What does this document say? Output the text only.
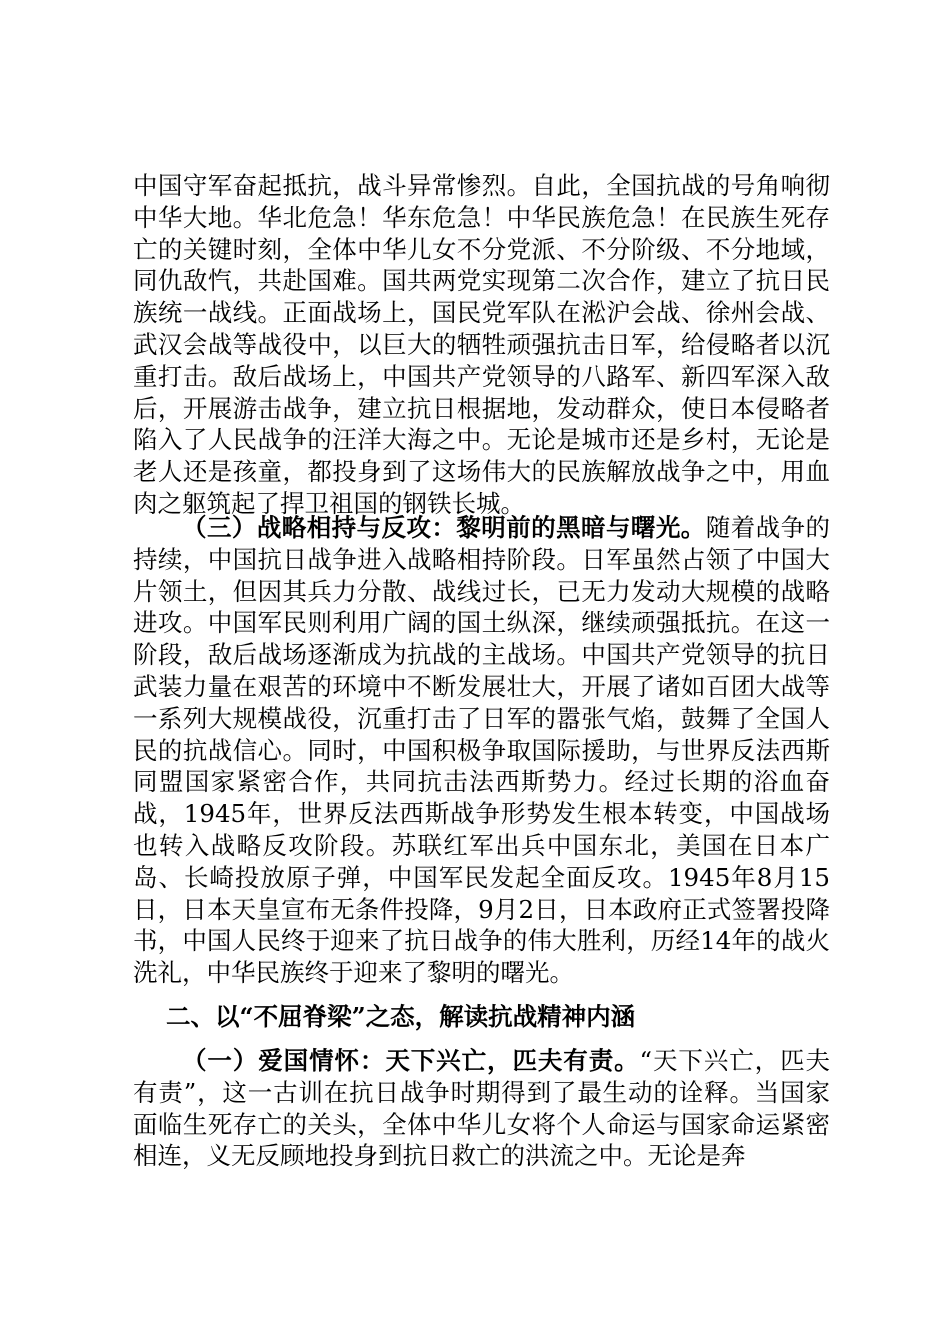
中国守军奋起抵抗，战斗异常惨烈。自此，全国抗战的号角响彻中华大地。华北危急！华东危急！中华民族危急！在民族生死存亡的关键时刻，全体中华儿女不分党派、不分阶级、不分地域，同仇敌忾，共赴国难。国共两党实现第二次合作，建立了抗日民族统一战线。正面战场上，国民党军队在淞沪会战、徐州会战、武汉会战等战役中，以巨大的牺牲顽强抗击日军，给侵略者以沉重打击。敌后战场上，中国共产党领导的八路军、新四军深入敌后，开展游击战争，建立抗日根据地，发动群众，使日本侵略者陷入了人民战争的汪洋大海之中。无论是城市还是乡村，无论是老人还是孩童，都投身到了这场伟大的民族解放战争之中，用血肉之躯筑起了捍卫祖国的钢铁长城。
（三）战略相持与反攻：黎明前的黑暗与曙光。随着战争的持续，中国抗日战争进入战略相持阶段。日军虽然占领了中国大片领土，但因其兵力分散、战线过长，已无力发动大规模的战略进攻。中国军民则利用广阔的国土纵深，继续顽强抵抗。在这一阶段，敌后战场逐渐成为抗战的主战场。中国共产党领导的抗日武装力量在艰苦的环境中不断发展壮大，开展了诸如百团大战等一系列大规模战役，沉重打击了日军的嚣张气焰，鼓舞了全国人民的抗战信心。同时，中国积极争取国际援助，与世界反法西斯同盟国家紧密合作，共同抗击法西斯势力。经过长期的浴血奋战，1945年，世界反法西斯战争形势发生根本转变，中国战场也转入战略反攻阶段。苏联红军出兵中国东北，美国在日本广岛、长崎投放原子弹，中国军民发起全面反攻。1945年8月15日，日本天皇宣布无条件投降，9月2日，日本政府正式签署投降书，中国人民终于迎来了抗日战争的伟大胜利，历经14年的战火洗礼，中华民族终于迎来了黎明的曙光。
二、以“不屈脊梁”之态，解读抗战精神内涵
（一）爱国情怀：天下兴亡，匹夫有责。“天下兴亡，匹夫有责”，这一古训在抗日战争时期得到了最生动的诠释。当国家面临生死存亡的关头，全体中华儿女将个人命运与国家命运紧密相连，义无反顾地投身到抗日救亡的洪流之中。无论是奔
